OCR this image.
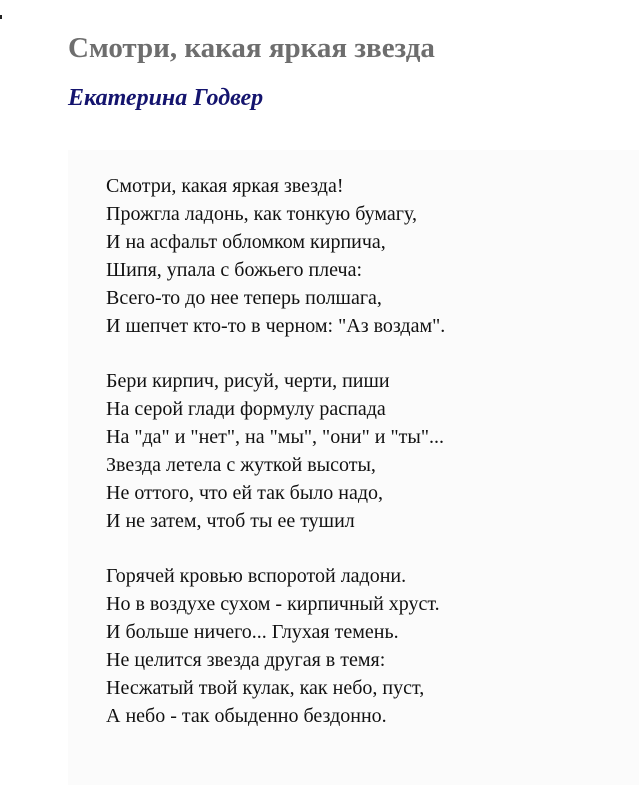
Смотри, какая яркая звезда
Екатерина Годвер
Смотри, какая яркая звезда!
Прожгла ладонь, как тонкую бумагу,
И на асфальт обломком кирпича,
Шипя, упала с божьего плеча:
Всего-то до нее теперь полшага,
И шепчет кто-то в черном: "Аз воздам".
Бери кирпич, рисуй, черти, пиши
На серой глади формулу распада
На "да" и "нет", на "мы", "они" и "ты"...
Звезда летела с жуткой высоты,
Не оттого, что ей так было надо,
И не затем, чтоб ты ее тушил
Горячей кровью вспоротой ладони.
Но в воздухе сухом - кирпичный хруст.
И больше ничего... Глухая темень.
Не целится звезда другая в темя:
Несжатый твой кулак, как небо, пуст,
А небо - так обыденно бездонно.
